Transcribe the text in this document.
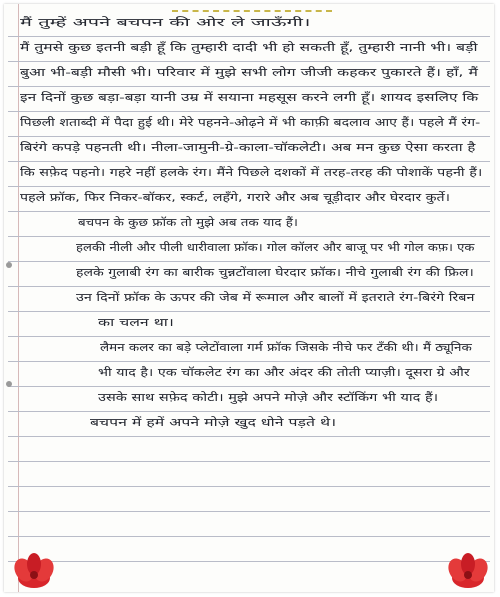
मैं तुम्हें अपने बचपन की ओर ले जाऊँगी।
मैं तुमसे कुछ इतनी बड़ी हूँ कि तुम्हारी दादी भी हो सकती हूँ, तुम्हारी नानी भी। बड़ी
बुआ भी-बड़ी मौसी भी। परिवार में मुझे सभी लोग जीजी कहकर पुकारते हैं। हाँ, मैं
इन दिनों कुछ बड़ा-बड़ा यानी उम्र में सयाना महसूस करने लगी हूँ। शायद इसलिए कि
पिछली शताब्दी में पैदा हुई थी। मेरे पहनने-ओढ़ने में भी काफ़ी बदलाव आए हैं। पहले मैं रंग-
बिरंगे कपड़े पहनती थी। नीला-जामुनी-ग्रे-काला-चॉकलेटी। अब मन कुछ ऐसा करता है
कि सफ़ेद पहनो। गहरे नहीं हलके रंग। मैंने पिछले दशकों में तरह-तरह की पोशाकें पहनी हैं।
पहले फ्रॉक, फिर निकर-बॉकर, स्कर्ट, लहँगे, गरारे और अब चूड़ीदार और घेरदार कुर्ते।
बचपन के कुछ फ्रॉक तो मुझे अब तक याद हैं।
हलकी नीली और पीली धारीवाला फ्रॉक। गोल कॉलर और बाजू पर भी गोल कफ़। एक
हलके गुलाबी रंग का बारीक चुन्नटोंवाला घेरदार फ्रॉक। नीचे गुलाबी रंग की फ्रिल।
उन दिनों फ्रॉक के ऊपर की जेब में रूमाल और बालों में इतराते रंग-बिरंगे रिबन
का चलन था।
लैमन कलर का बड़े प्लेटोंवाला गर्म फ्रॉक जिसके नीचे फर टँकी थी। मैं ठ्यूनिक
भी याद है। एक चॉकलेट रंग का और अंदर की तोती प्याज़ी। दूसरा ग्रे और
उसके साथ सफ़ेद कोटी। मुझे अपने मोज़े और स्टॉकिंग भी याद हैं।
बचपन में हमें अपने मोज़े खुद धोने पड़ते थे।
